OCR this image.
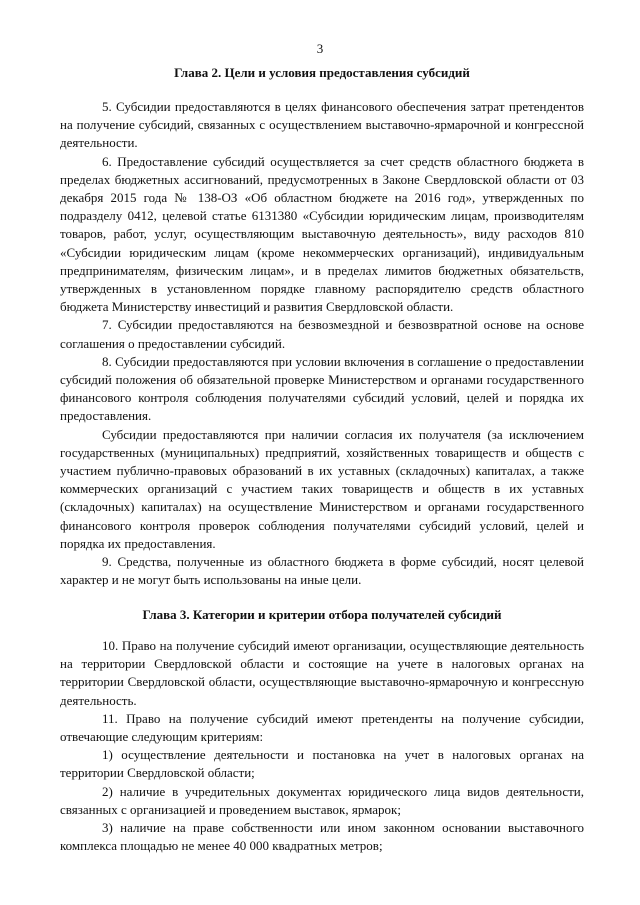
3
Глава 2. Цели и условия предоставления субсидий

5. Субсидии предоставляются в целях финансового обеспечения затрат претендентов на получение субсидий, связанных с осуществлением выставочно-ярмарочной и конгрессной деятельности.

6. Предоставление субсидий осуществляется за счет средств областного бюджета в пределах бюджетных ассигнований, предусмотренных в Законе Свердловской области от 03 декабря 2015 года № 138-ОЗ «Об областном бюджете на 2016 год», утвержденных по подразделу 0412, целевой статье 6131380 «Субсидии юридическим лицам, производителям товаров, работ, услуг, осуществляющим выставочную деятельность», виду расходов 810 «Субсидии юридическим лицам (кроме некоммерческих организаций), индивидуальным предпринимателям, физическим лицам», и в пределах лимитов бюджетных обязательств, утвержденных в установленном порядке главному распорядителю средств областного бюджета Министерству инвестиций и развития Свердловской области.

7. Субсидии предоставляются на безвозмездной и безвозвратной основе на основе соглашения о предоставлении субсидий.

8. Субсидии предоставляются при условии включения в соглашение о предоставлении субсидий положения об обязательной проверке Министерством и органами государственного финансового контроля соблюдения получателями субсидий условий, целей и порядка их предоставления.

Субсидии предоставляются при наличии согласия их получателя (за исключением государственных (муниципальных) предприятий, хозяйственных товариществ и обществ с участием публично-правовых образований в их уставных (складочных) капиталах, а также коммерческих организаций с участием таких товариществ и обществ в их уставных (складочных) капиталах) на осуществление Министерством и органами государственного финансового контроля проверок соблюдения получателями субсидий условий, целей и порядка их предоставления.

9. Средства, полученные из областного бюджета в форме субсидий, носят целевой характер и не могут быть использованы на иные цели.

Глава 3. Категории и критерии отбора получателей субсидий

10. Право на получение субсидий имеют организации, осуществляющие деятельность на территории Свердловской области и состоящие на учете в налоговых органах на территории Свердловской области, осуществляющие выставочно-ярмарочную и конгрессную деятельность.

11. Право на получение субсидий имеют претенденты на получение субсидии, отвечающие следующим критериям:

1) осуществление деятельности и постановка на учет в налоговых органах на территории Свердловской области;

2) наличие в учредительных документах юридического лица видов деятельности, связанных с организацией и проведением выставок, ярмарок;

3) наличие на праве собственности или ином законном основании выставочного комплекса площадью не менее 40 000 квадратных метров;
